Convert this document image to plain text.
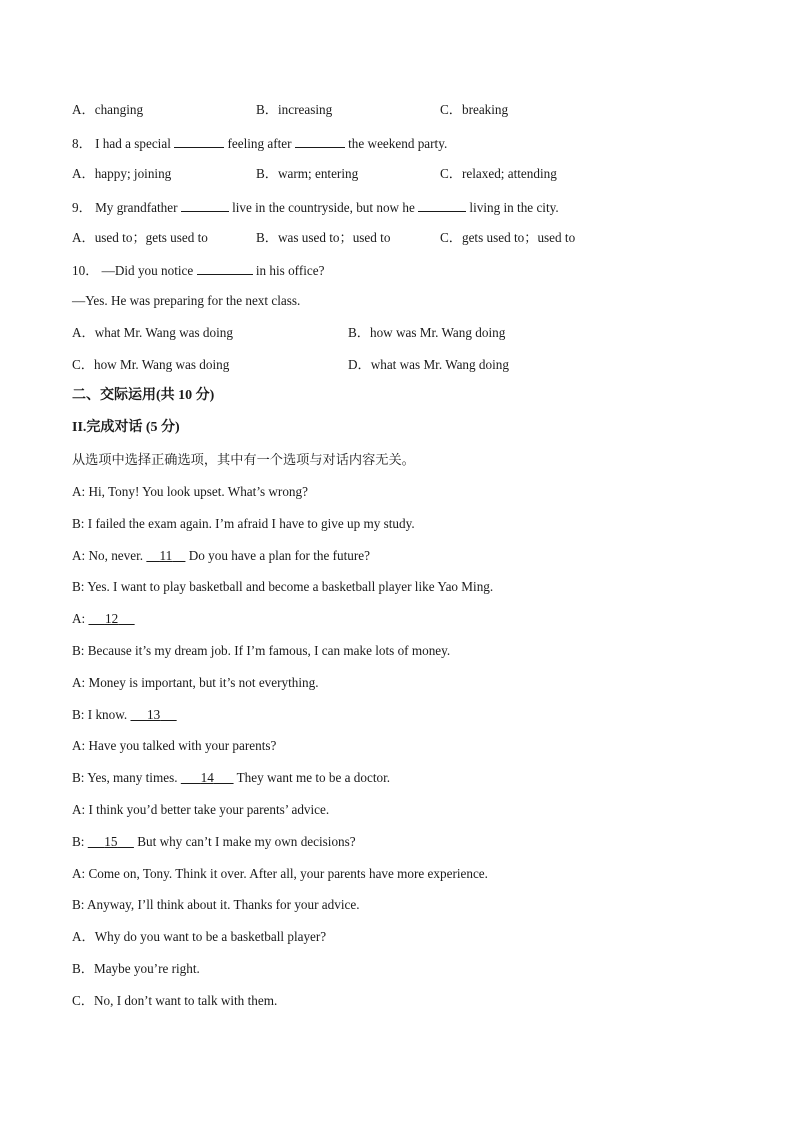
A．changing	B．increasing	C．breaking
8． I had a special	feeling after	the weekend party.
A．happy; joining	B．warm; entering	C．relaxed; attending
9． My grandfather	live in the countryside, but now he	living in the city.
A．used to；gets used to	B．was used to；used to	C．gets used to；used to
10． —Did you notice	in his office?
—Yes. He was preparing for the next class.
A．what Mr. Wang was doing	B．how was Mr. Wang doing
C．how Mr. Wang was doing	D．what was Mr. Wang doing
二、交际运用(共 10 分)
II.完成对话 (5 分)
从选项中选择正确选项，其中有一个选项与对话内容无关。
A: Hi, Tony! You look upset. What’s wrong?
B: I failed the exam again. I’m afraid I have to give up my study.
A: No, never. 11 Do you have a plan for the future?
B: Yes. I want to play basketball and become a basketball player like Yao Ming.
A: 12
B: Because it’s my dream job. If I’m famous, I can make lots of money.
A: Money is important, but it’s not everything.
B: I know. 13
A: Have you talked with your parents?
B: Yes, many times. 14 They want me to be a doctor.
A: I think you’d better take your parents’ advice.
B: 15 But why can’t I make my own decisions?
A: Come on, Tony. Think it over. After all, your parents have more experience.
B: Anyway, I’ll think about it. Thanks for your advice.
A．Why do you want to be a basketball player?
B．Maybe you’re right.
C．No, I don’t want to talk with them.
